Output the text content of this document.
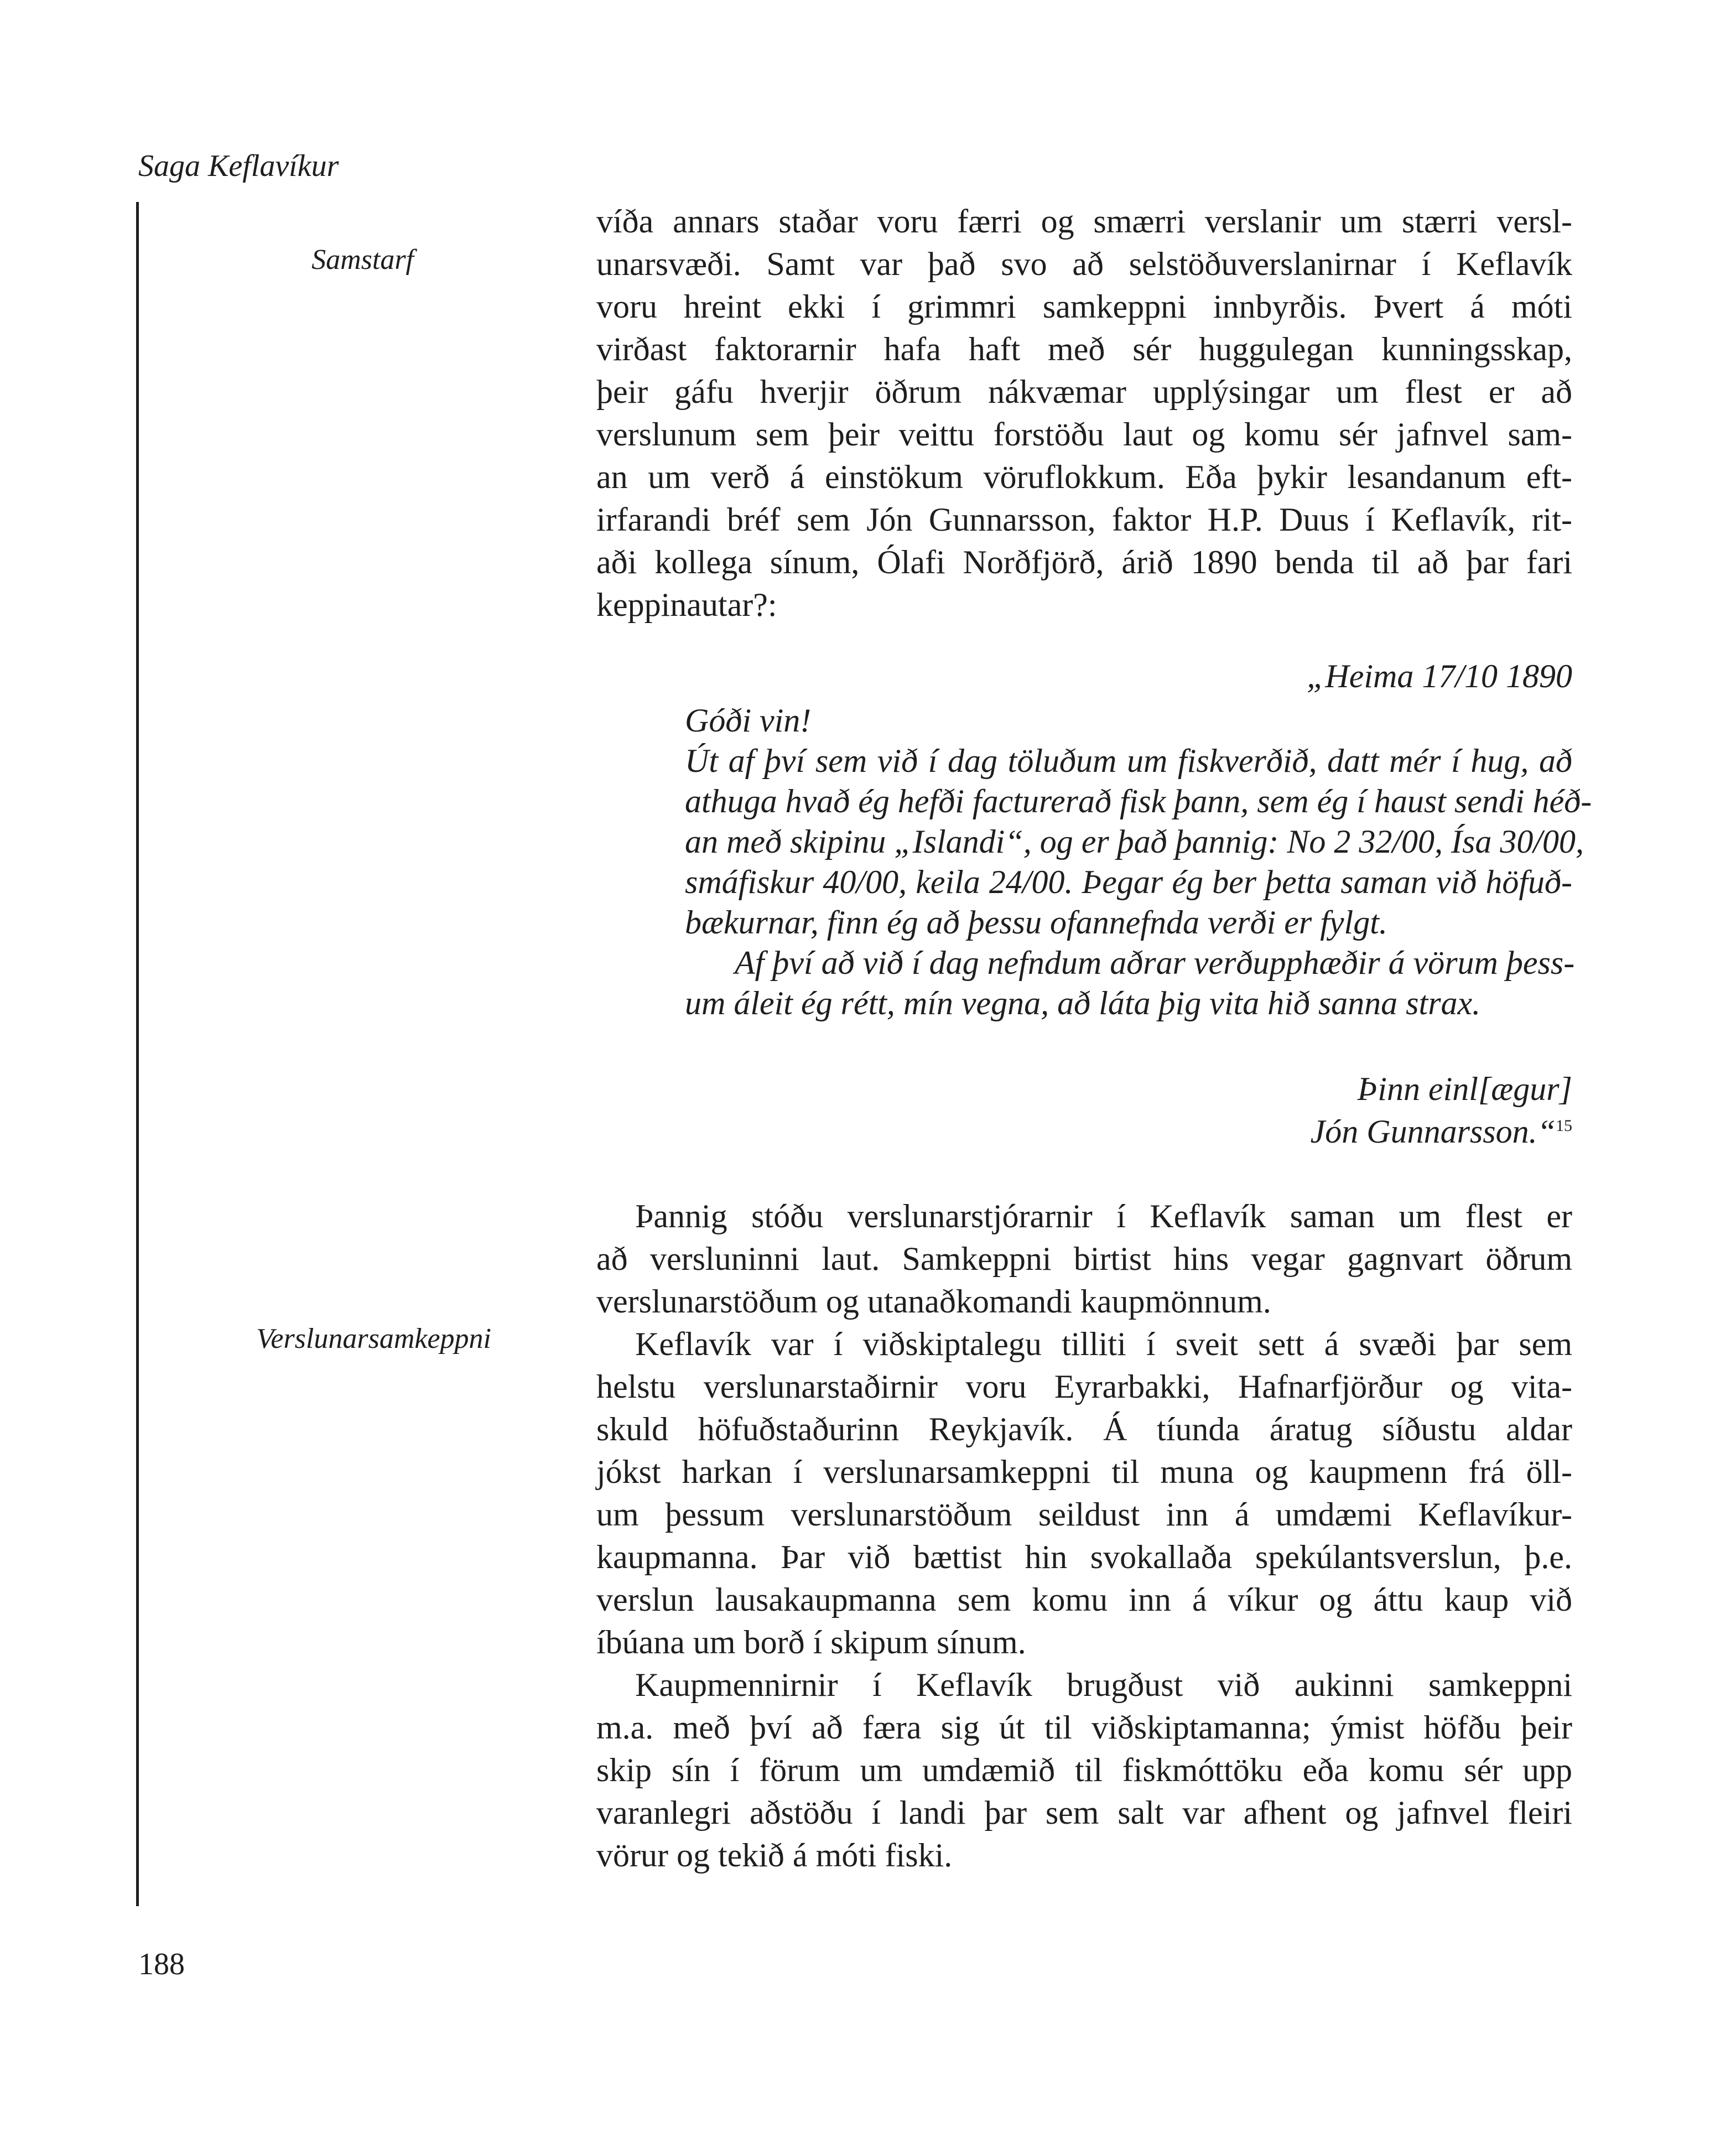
Saga Keflavíkur
Samstarf
Verslunarsamkeppni
víða annars staðar voru færri og smærri verslanir um stærri versl-
unarsvæði. Samt var það svo að selstöðuverslanirnar í Keflavík
voru hreint ekki í grimmri samkeppni innbyrðis. Þvert á móti
virðast faktorarnir hafa haft með sér huggulegan kunningsskap,
þeir gáfu hverjir öðrum nákvæmar upplýsingar um flest er að
verslunum sem þeir veittu forstöðu laut og komu sér jafnvel sam-
an um verð á einstökum vöruflokkum. Eða þykir lesandanum eft-
irfarandi bréf sem Jón Gunnarsson, faktor H.P. Duus í Keflavík, rit-
aði kollega sínum, Ólafi Norðfjörð, árið 1890 benda til að þar fari
keppinautar?:
„Heima 17/10 1890
Góði vin!
Út af því sem við í dag töluðum um fiskverðið, datt mér í hug, að
athuga hvað ég hefði facturerað fisk þann, sem ég í haust sendi héð-
an með skipinu „Islandi“, og er það þannig: No 2 32/00, Ísa 30/00,
smáfiskur 40/00, keila 24/00. Þegar ég ber þetta saman við höfuð-
bækurnar, finn ég að þessu ofannefnda verði er fylgt.
Af því að við í dag nefndum aðrar verðupphæðir á vörum þess-
um áleit ég rétt, mín vegna, að láta þig vita hið sanna strax.
Þinn einl[ægur]
Jón Gunnarsson.“$^{15}$
Þannig stóðu verslunarstjórarnir í Keflavík saman um flest er
að versluninni laut. Samkeppni birtist hins vegar gagnvart öðrum
verslunarstöðum og utanaðkomandi kaupmönnum.
Keflavík var í viðskiptalegu tilliti í sveit sett á svæði þar sem
helstu verslunarstaðirnir voru Eyrarbakki, Hafnarfjörður og vita-
skuld höfuðstaðurinn Reykjavík. Á tíunda áratug síðustu aldar
jókst harkan í verslunarsamkeppni til muna og kaupmenn frá öll-
um þessum verslunarstöðum seildust inn á umdæmi Keflavíkur-
kaupmanna. Þar við bættist hin svokallaða spekúlantsverslun, þ.e.
verslun lausakaupmanna sem komu inn á víkur og áttu kaup við
íbúana um borð í skipum sínum.
Kaupmennirnir í Keflavík brugðust við aukinni samkeppni
m.a. með því að færa sig út til viðskiptamanna; ýmist höfðu þeir
skip sín í förum um umdæmið til fiskmóttöku eða komu sér upp
varanlegri aðstöðu í landi þar sem salt var afhent og jafnvel fleiri
vörur og tekið á móti fiski.
188
